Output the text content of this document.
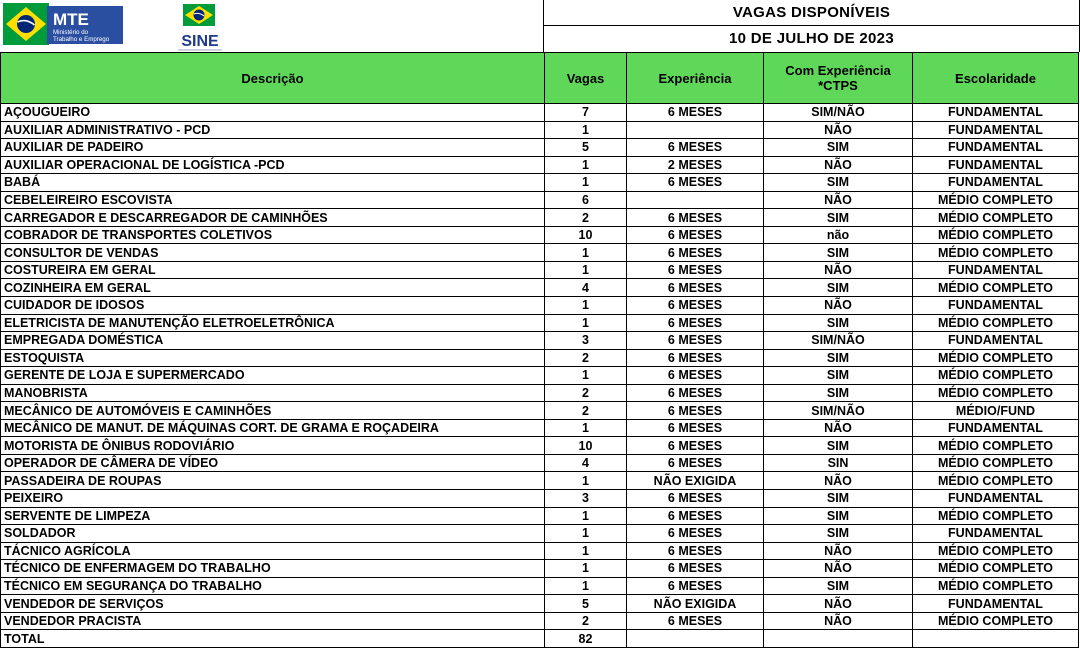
MTE
Ministério do
Trabalho e Emprego	SINE
VAGAS DISPONÍVEIS
10 DE JULHO DE 2023
Descrição	Vagas	Experiência	Com Experiência *CTPS	Escolaridade
AÇOUGUEIRO	7	6 MESES	SIM/NÃO	FUNDAMENTAL
AUXILIAR ADMINISTRATIVO - PCD	1		NÃO	FUNDAMENTAL
AUXILIAR DE PADEIRO	5	6 MESES	SIM	FUNDAMENTAL
AUXILIAR OPERACIONAL DE LOGÍSTICA -PCD	1	2 MESES	NÃO	FUNDAMENTAL
BABÁ	1	6 MESES	SIM	FUNDAMENTAL
CEBELEIREIRO ESCOVISTA	6		NÃO	MÉDIO COMPLETO
CARREGADOR E DESCARREGADOR DE CAMINHÕES	2	6 MESES	SIM	MÉDIO COMPLETO
COBRADOR DE TRANSPORTES COLETIVOS	10	6 MESES	não	MÉDIO COMPLETO
CONSULTOR DE VENDAS	1	6 MESES	SIM	MÉDIO COMPLETO
COSTUREIRA EM GERAL	1	6 MESES	NÃO	FUNDAMENTAL
COZINHEIRA EM GERAL	4	6 MESES	SIM	MÉDIO COMPLETO
CUIDADOR DE IDOSOS	1	6 MESES	NÃO	FUNDAMENTAL
ELETRICISTA DE MANUTENÇÃO ELETROELETRÔNICA	1	6 MESES	SIM	MÉDIO COMPLETO
EMPREGADA DOMÉSTICA	3	6 MESES	SIM/NÃO	FUNDAMENTAL
ESTOQUISTA	2	6 MESES	SIM	MÉDIO COMPLETO
GERENTE DE LOJA E SUPERMERCADO	1	6 MESES	SIM	MÉDIO COMPLETO
MANOBRISTA	2	6 MESES	SIM	MÉDIO COMPLETO
MECÂNICO DE AUTOMÓVEIS E CAMINHÕES	2	6 MESES	SIM/NÃO	MÉDIO/FUND
MECÂNICO DE MANUT. DE MÁQUINAS CORT. DE GRAMA E ROÇADEIRA	1	6 MESES	NÃO	FUNDAMENTAL
MOTORISTA DE ÔNIBUS RODOVIÁRIO	10	6 MESES	SIM	MÉDIO COMPLETO
OPERADOR DE CÂMERA DE VÍDEO	4	6 MESES	SIN	MÉDIO COMPLETO
PASSADEIRA DE ROUPAS	1	NÃO EXIGIDA	NÃO	MÉDIO COMPLETO
PEIXEIRO	3	6 MESES	SIM	FUNDAMENTAL
SERVENTE DE LIMPEZA	1	6 MESES	SIM	MÉDIO COMPLETO
SOLDADOR	1	6 MESES	SIM	FUNDAMENTAL
TÁCNICO AGRÍCOLA	1	6 MESES	NÃO	MÉDIO COMPLETO
TÉCNICO DE ENFERMAGEM DO TRABALHO	1	6 MESES	NÃO	MÉDIO COMPLETO
TÉCNICO EM SEGURANÇA DO TRABALHO	1	6 MESES	SIM	MÉDIO COMPLETO
VENDEDOR DE SERVIÇOS	5	NÃO EXIGIDA	NÃO	FUNDAMENTAL
VENDEDOR PRACISTA	2	6 MESES	NÃO	MÉDIO COMPLETO
TOTAL	82			
